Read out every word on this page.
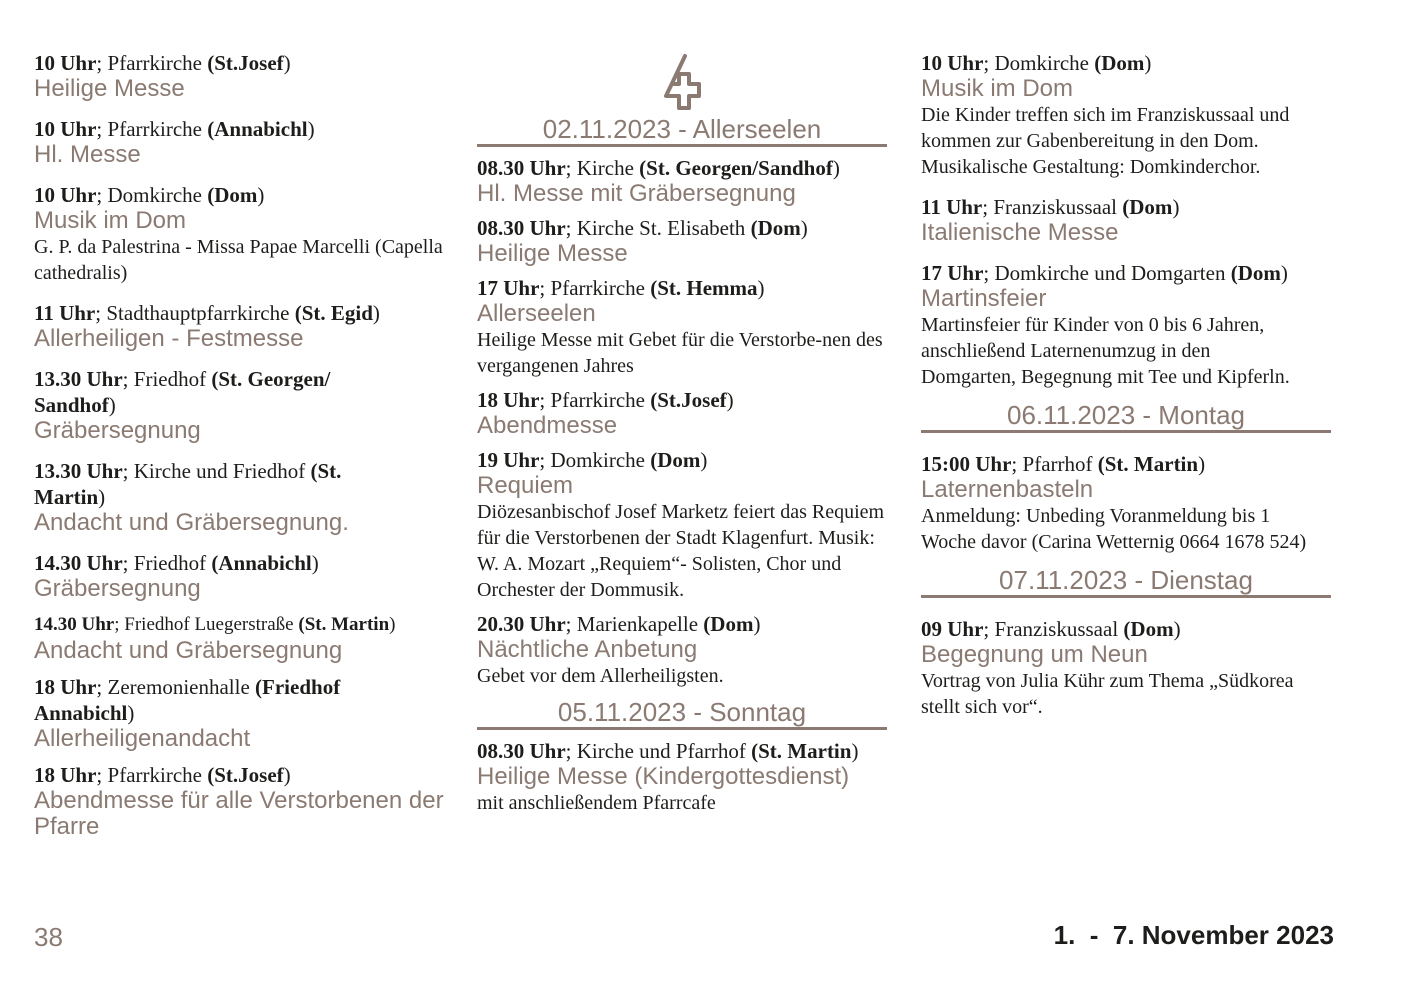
10 Uhr; Pfarrkirche (St.Josef)
Heilige Messe
10 Uhr; Pfarrkirche (Annabichl)
Hl. Messe
10 Uhr; Domkirche (Dom)
Musik im Dom
G. P. da Palestrina - Missa Papae Marcelli (Capella cathedralis)
11 Uhr; Stadthauptpfarrkirche (St. Egid)
Allerheiligen - Festmesse
13.30 Uhr; Friedhof (St. Georgen/ Sandhof)
Gräbersegnung
13.30 Uhr; Kirche und Friedhof (St. Martin)
Andacht und Gräbersegnung.
14.30 Uhr; Friedhof (Annabichl)
Gräbersegnung
14.30 Uhr; Friedhof Luegerstraße (St. Martin)
Andacht und Gräbersegnung
18 Uhr; Zeremonienhalle (Friedhof Annabichl)
Allerheiligenandacht
18 Uhr; Pfarrkirche (St.Josef)
Abendmesse für alle Verstorbenen der Pfarre
02.11.2023 - Allerseelen
08.30 Uhr; Kirche (St. Georgen/Sandhof)
Hl. Messe mit Gräbersegnung
08.30 Uhr; Kirche St. Elisabeth (Dom)
Heilige Messe
17 Uhr; Pfarrkirche (St. Hemma)
Allerseelen
Heilige Messe mit Gebet für die Verstorbe-nen des vergangenen Jahres
18 Uhr; Pfarrkirche (St.Josef)
Abendmesse
19 Uhr; Domkirche (Dom)
Requiem
Diözesanbischof Josef Marketz feiert das Requiem für die Verstorbenen der Stadt Klagenfurt. Musik: W. A. Mozart „Requiem“- Solisten, Chor und Orchester der Dommusik.
20.30 Uhr; Marienkapelle (Dom)
Nächtliche Anbetung
Gebet vor dem Allerheiligsten.
05.11.2023 - Sonntag
08.30 Uhr; Kirche und Pfarrhof (St. Martin)
Heilige Messe (Kindergottesdienst)
mit anschließendem Pfarrcafe
10 Uhr; Domkirche (Dom)
Musik im Dom
Die Kinder treffen sich im Franziskussaal und kommen zur Gabenbereitung in den Dom. Musikalische Gestaltung: Domkinderchor.
11 Uhr; Franziskussaal (Dom)
Italienische Messe
17 Uhr; Domkirche und Domgarten (Dom)
Martinsfeier
Martinsfeier für Kinder von 0 bis 6 Jahren, anschließend Laternenumzug in den Domgarten, Begegnung mit Tee und Kipferln.
06.11.2023 - Montag
15:00 Uhr; Pfarrhof (St. Martin)
Laternenbasteln
Anmeldung: Unbeding Voranmeldung bis 1 Woche davor (Carina Wetternig 0664 1678 524)
07.11.2023 - Dienstag
09 Uhr; Franziskussaal (Dom)
Begegnung um Neun
Vortrag von Julia Kühr zum Thema „Südkorea stellt sich vor“.
38	1.  -  7. November 2023
